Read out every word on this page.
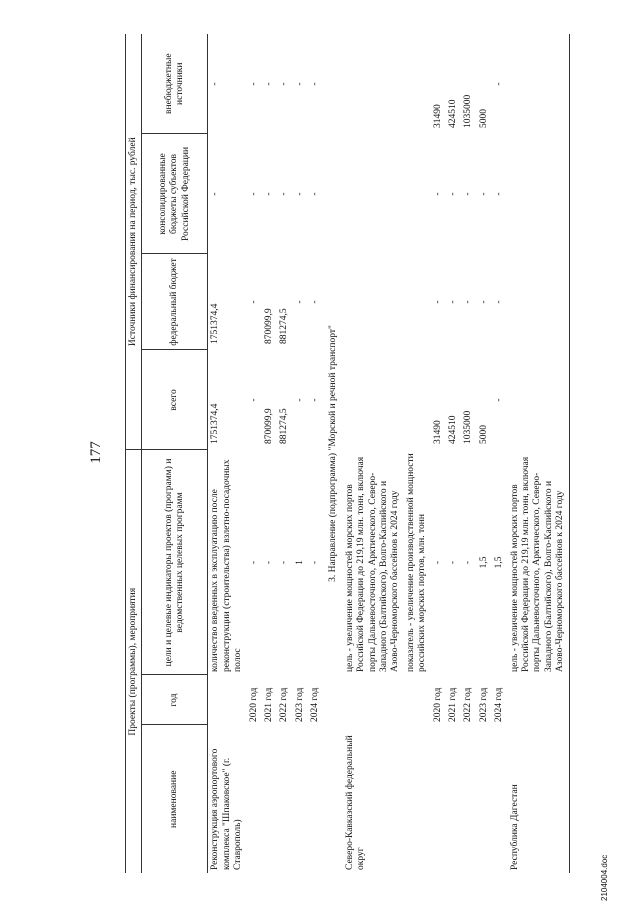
177
Проекты (программы), мероприятия			Источники финансирования на период, тыс. рублей			
наименование	год	цели и целевые индикаторы проектов (программ) и ведомственных целевых программ	всего	федеральный бюджет	консолидированные бюджеты субъектов Российской Федерации	внебюджетные источники
Реконструкция аэропортового комплекса "Шпаковское" (г. Ставрополь)		количество введенных в эксплуатацию после реконструкции (строительства) взлетно-посадочных полос	1751374,4	1751374,4	-	-
	2020 год	-	-	-	-	-
	2021 год	-	870099,9	870099,9	-	-
	2022 год	-	881274,5	881274,5	-	-
	2023 год	1	-	-	-	-
	2024 год	-	-	-	-	-
3. Направление (подпрограмма) "Морской и речной транспорт"						
Северо-Кавказский федеральный округ		цель - увеличение мощностей морских портов Российской Федерации до 219,19 млн. тонн, включая порты Дальневосточного, Арктического, Северо-Западного (Балтийского), Волго-Каспийского и Азово-Черноморского бассейнов к 2024 году				
		показатель - увеличение производственной мощности российских морских портов, млн. тонн				
	2020 год	-	31490	-	-	31490
	2021 год	-	424510	-	-	424510
	2022 год	-	1035000	-	-	1035000
	2023 год	1,5	5000	-	-	5000
	2024 год	1,5	-	-	-	-
Республика Дагестан		цель - увеличение мощностей морских портов Российской Федерации до 219,19 млн. тонн, включая порты Дальневосточного, Арктического, Северо-Западного (Балтийского), Волго-Каспийского и Азово-Черноморского бассейнов к 2024 году				
2104004.doc
